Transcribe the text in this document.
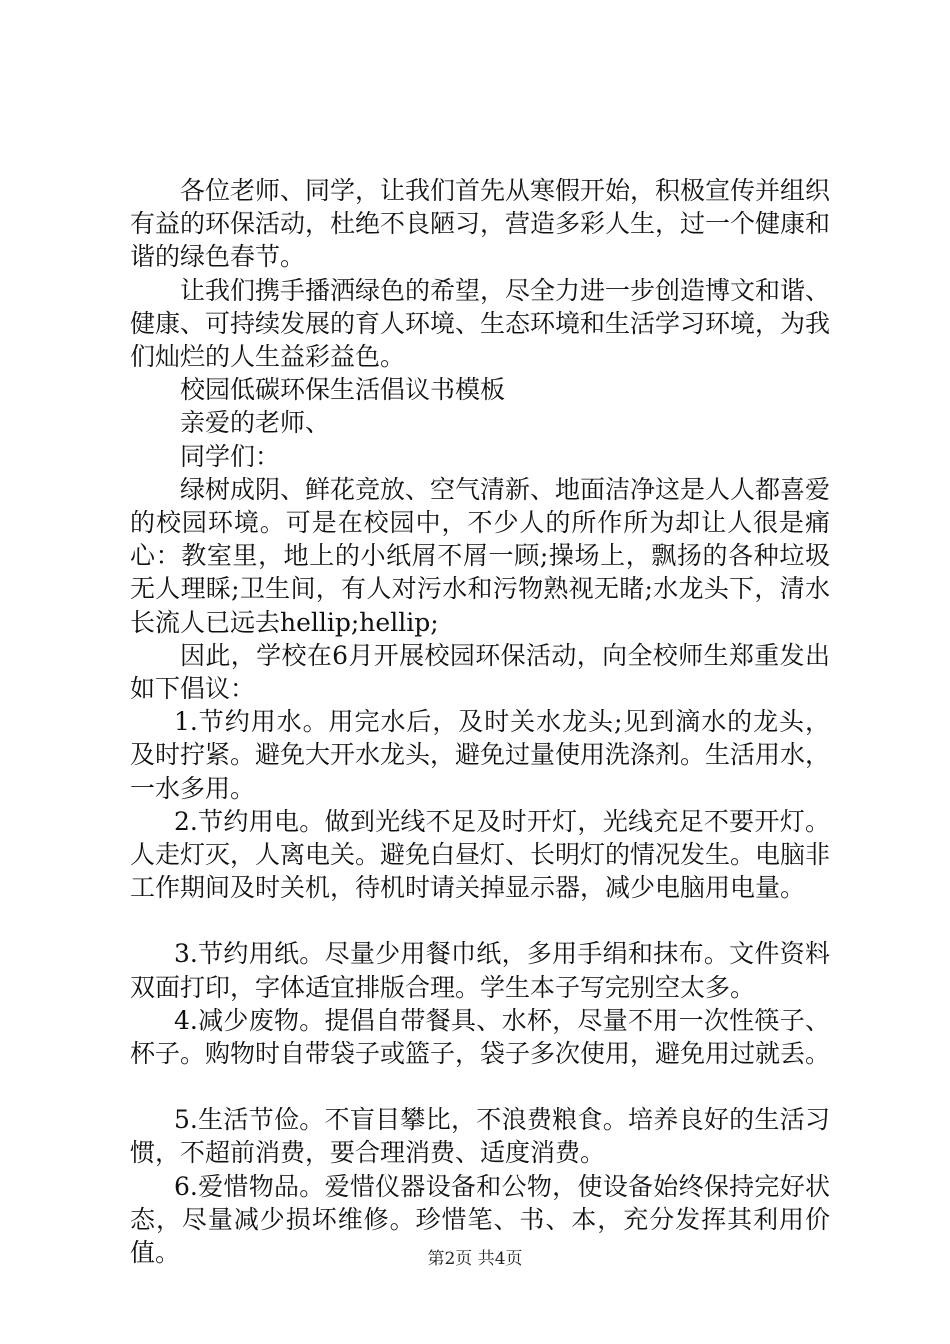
各位老师、同学，让我们首先从寒假开始，积极宣传并组织有益的环保活动，杜绝不良陋习，营造多彩人生，过一个健康和谐的绿色春节。

让我们携手播洒绿色的希望，尽全力进一步创造博文和谐、健康、可持续发展的育人环境、生态环境和生活学习环境，为我们灿烂的人生益彩益色。

校园低碳环保生活倡议书模板

亲爱的老师、

同学们：

绿树成阴、鲜花竞放、空气清新、地面洁净这是人人都喜爱的校园环境。可是在校园中，不少人的所作所为却让人很是痛心：教室里，地上的小纸屑不屑一顾;操场上，飘扬的各种垃圾无人理睬;卫生间，有人对污水和污物熟视无睹;水龙头下，清水长流人已远去hellip;hellip;

因此，学校在6月开展校园环保活动，向全校师生郑重发出如下倡议：

1.节约用水。用完水后，及时关水龙头;见到滴水的龙头，及时拧紧。避免大开水龙头，避免过量使用洗涤剂。生活用水，一水多用。

2.节约用电。做到光线不足及时开灯，光线充足不要开灯。人走灯灭，人离电关。避免白昼灯、长明灯的情况发生。电脑非工作期间及时关机，待机时请关掉显示器，减少电脑用电量。

3.节约用纸。尽量少用餐巾纸，多用手绢和抹布。文件资料双面打印，字体适宜排版合理。学生本子写完别空太多。

4.减少废物。提倡自带餐具、水杯，尽量不用一次性筷子、杯子。购物时自带袋子或篮子，袋子多次使用，避免用过就丢。

5.生活节俭。不盲目攀比，不浪费粮食。培养良好的生活习惯，不超前消费，要合理消费、适度消费。

6.爱惜物品。爱惜仪器设备和公物，使设备始终保持完好状态，尽量减少损坏维修。珍惜笔、书、本，充分发挥其利用价值。	第2页 共4页
